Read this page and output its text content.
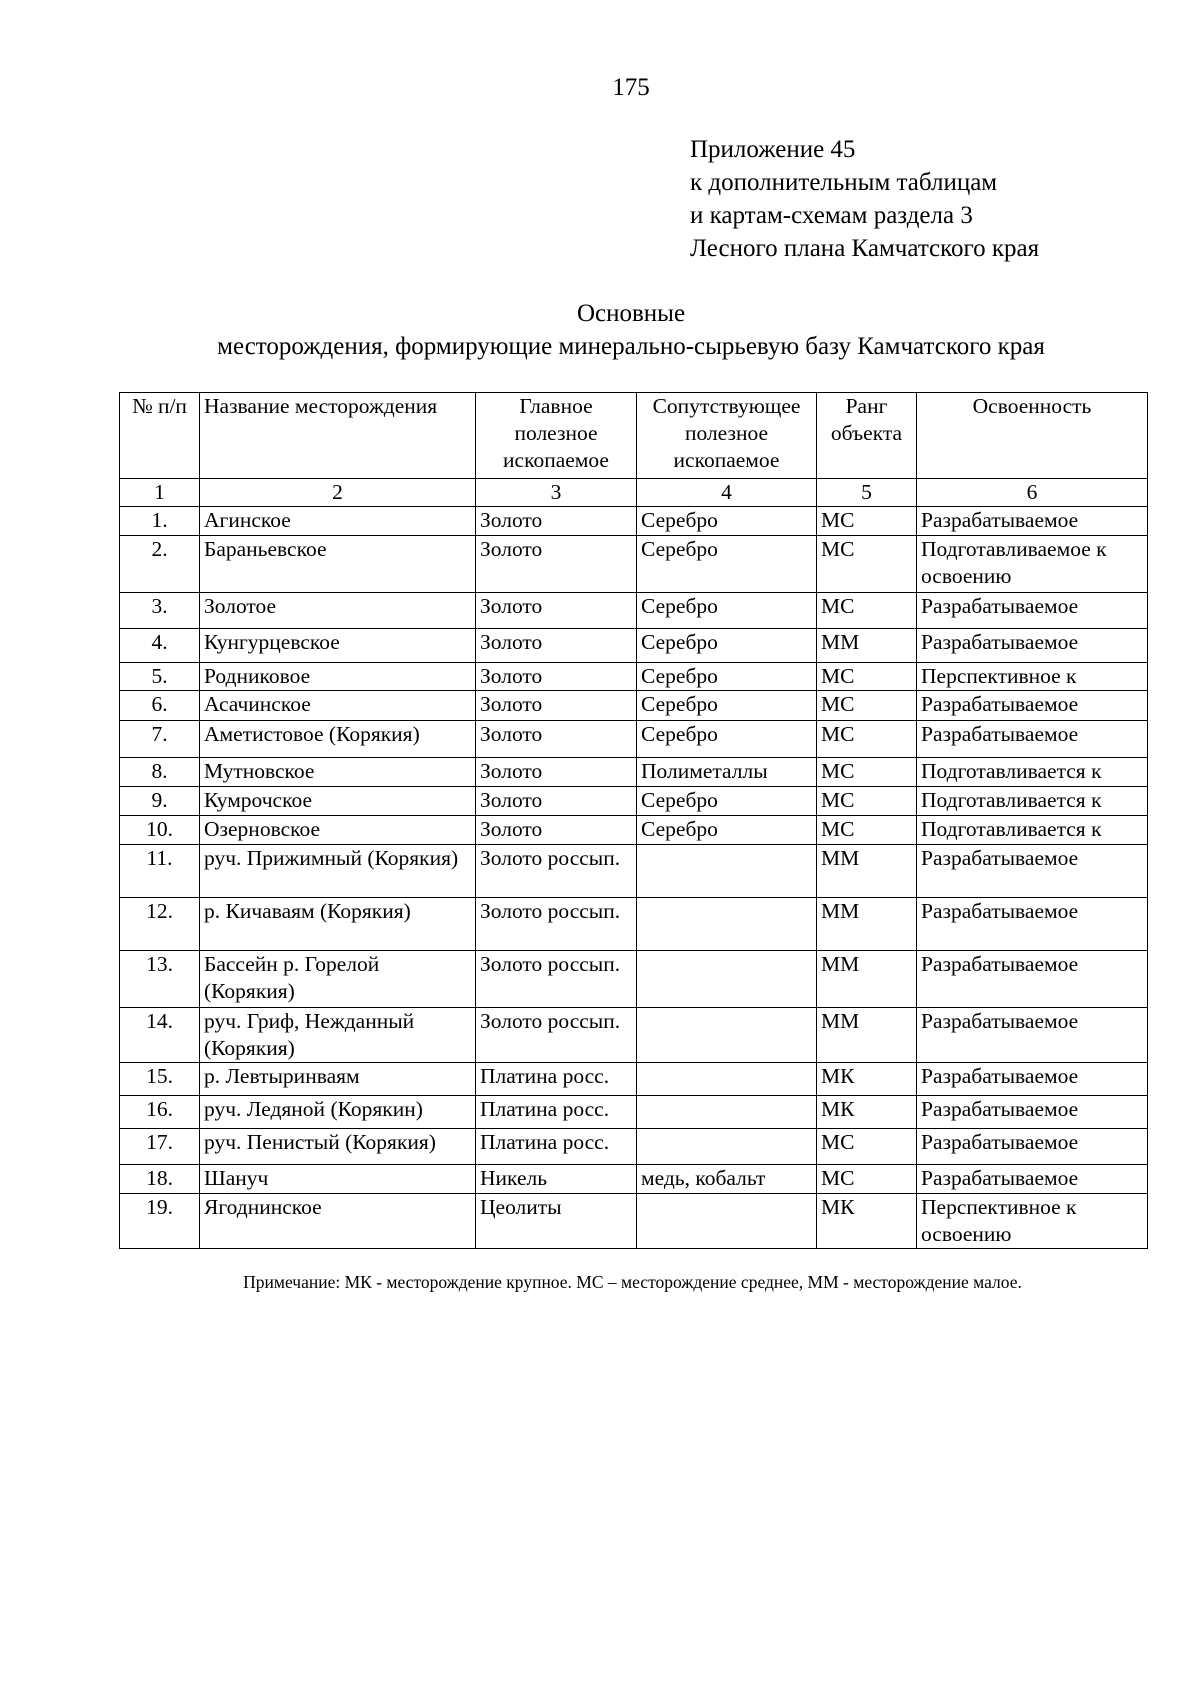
175
Приложение 45
к дополнительным таблицам
и картам-схемам раздела 3
Лесного плана Камчатского края
Основные
месторождения, формирующие минерально-сырьевую базу Камчатского края
№ п/п	Название месторождения	Главное полезное ископаемое	Сопутствующее полезное ископаемое	Ранг объекта	Освоенность
1	2	3	4	5	6
1.	Агинское	Золото	Серебро	МС	Разрабатываемое
2.	Бараньевское	Золото	Серебро	МС	Подготавливаемое к освоению
3.	Золотое	Золото	Серебро	МС	Разрабатываемое
4.	Кунгурцевское	Золото	Серебро	ММ	Разрабатываемое
5.	Родниковое	Золото	Серебро	МС	Перспективное к
6.	Асачинское	Золото	Серебро	МС	Разрабатываемое
7.	Аметистовое (Корякия)	Золото	Серебро	МС	Разрабатываемое
8.	Мутновское	Золото	Полиметаллы	МС	Подготавливается к
9.	Кумрочское	Золото	Серебро	МС	Подготавливается к
10.	Озерновское	Золото	Серебро	МС	Подготавливается к
11.	руч. Прижимный (Корякия)	Золото россып.		ММ	Разрабатываемое
12.	р. Кичаваям (Корякия)	Золото россып.		ММ	Разрабатываемое
13.	Бассейн р. Горелой (Корякия)	Золото россып.		ММ	Разрабатываемое
14.	руч. Гриф, Нежданный (Корякия)	Золото россып.		ММ	Разрабатываемое
15.	р. Левтыринваям	Платина росс.		МК	Разрабатываемое
16.	руч. Ледяной (Корякин)	Платина росс.		МК	Разрабатываемое
17.	руч. Пенистый (Корякия)	Платина росс.		МС	Разрабатываемое
18.	Шануч	Никель	медь, кобальт	МС	Разрабатываемое
19.	Ягоднинское	Цеолиты		МК	Перспективное к освоению
Примечание: МК - месторождение крупное. МС – месторождение среднее, ММ - месторождение малое.
